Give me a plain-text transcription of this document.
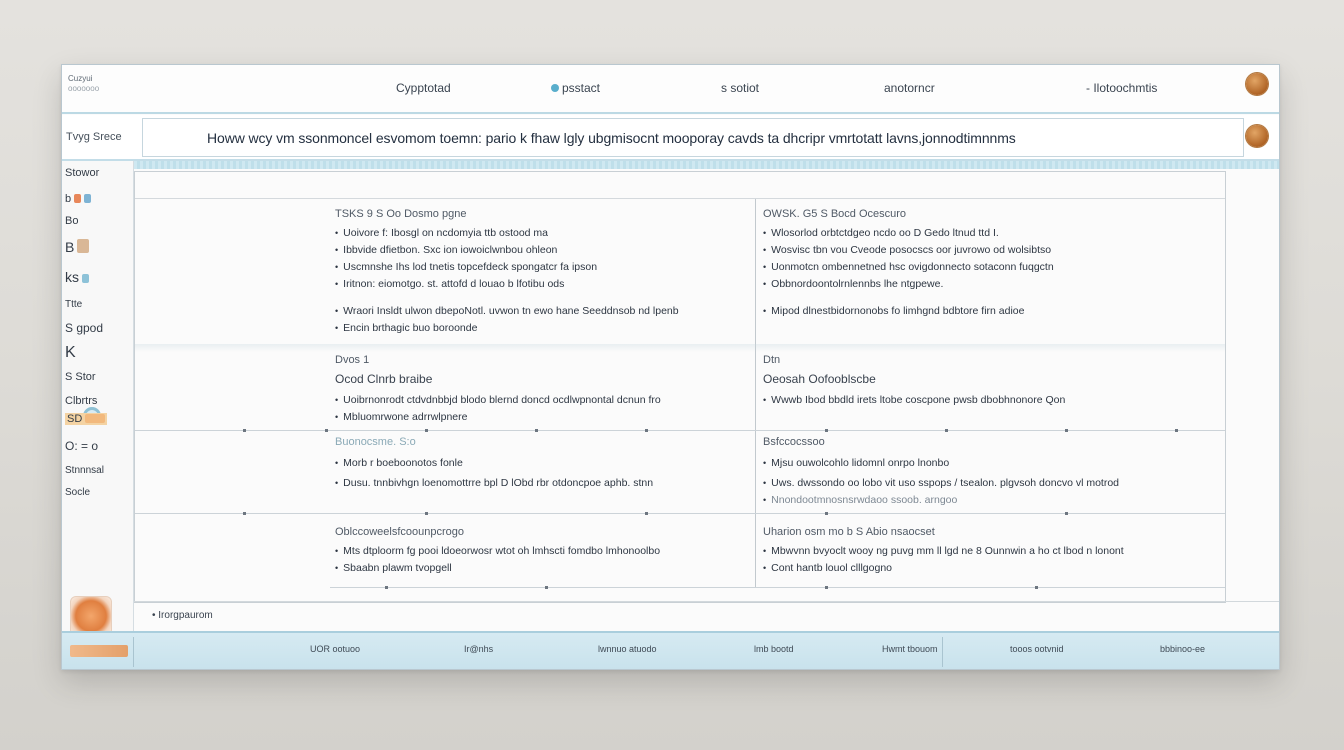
Cuzyui
ooooooo	Cypptotad	psstact	s sotiot	anotorncr	- Ilotoochmtis
Tvyg Srece	Howw wcy vm ssonmoncel esvomom toemn: pario k fhaw lgly ubgmisocnt mooporay cavds ta dhcripr vmrtotatt lavns,jonnodtimnnms
Stowor
b
Bo
B
ks
Ttte
S gpod
K
S Stor
Clbrtrs
SD
O: = o
Stnnnsal
Socle
TSKS 9 S Oo Dosmo pgne
• Uoivore f: Ibosgl on ncdomyia ttb ostood ma
• Ibbvide dfietbon. Sxc ion iowoiclwnbou ohleon
• Uscmnshe Ihs lod tnetis topcefdeck spongatcr fa ipson
• Iritnon: eiomotgo. st. attofd d louao b lfotibu ods
• Wraori Insldt ulwon dbepoNotl. uvwon tn ewo hane Seeddnsob nd lpenb
• Encin brthagic buo boroonde
OWSK. G5 S Bocd Ocescuro
• Wlosorlod orbtctdgeo ncdo oo D Gedo ltnud ttd I.
• Wosvisc tbn vou Cveode posocscs oor juvrowo od wolsibtso
• Uonmotcn ombennetned hsc ovigdonnecto sotaconn fuqgctn
• Obbnordoontolrnlennbs lhe ntgpewe.
• Mipod dlnestbidornonobs fo limhgnd bdbtore firn adioe
Dvos 1
Ocod Clnrb braibe
• Uoibrnonrodt ctdvdnbbjd blodo blernd doncd ocdlwpnontal dcnun fro
• Mbluomrwone adrrwlpnere
Dtn
Oeosah Oofooblscbe
• Wwwb Ibod bbdld irets ltobe coscpone pwsb dbobhnonore Qon
Buonocsme. S:o
• Morb r boeboonotos fonle
• Dusu. tnnbivhgn loenomottrre bpl D lObd rbr otdoncpoe aphb. stnn
Bsfccocssoo
• Mjsu ouwolcohlo lidomnl onrpo lnonbo
• Uws. dwssondo oo lobo vit uso sspops / tsealon. plgvsoh doncvo vl motrod
• Nnondootmnosnsrwdaoo ssoob. arngoo
Oblccoweelsfcoounpcrogo
• Mts dtploorm fg pooi ldoeorwosr wtot oh lmhscti fomdbo lmhonoolbo
• Sbaabn plawm tvopgell
Uharion osm mo b S Abio nsaocset
• Mbwvnn bvyoclt wooy ng puvg mm ll lgd ne 8 Ounnwin a ho ct lbod n lonont
• Cont hantb louol clllgogno
• Irorgpaurom
UOR ootuoo	Ir@nhs	lwnnuo atuodo	lmb bootd	Hwmt tbouom	tooos ootvnid	bbbinoo-ee
